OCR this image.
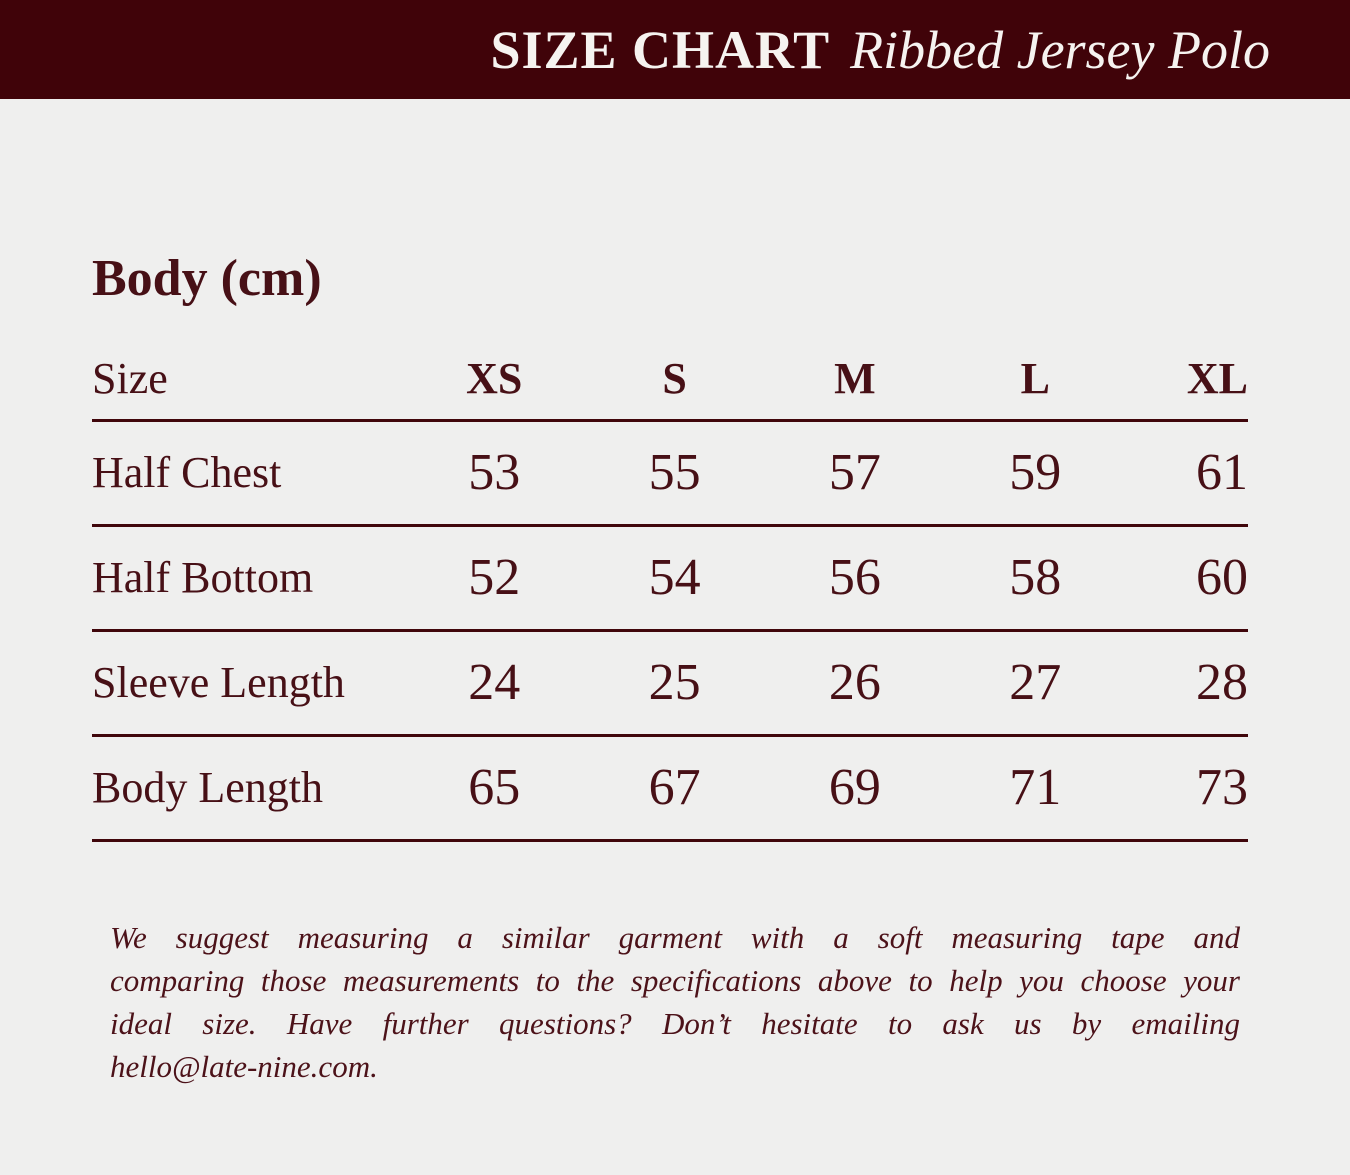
SIZE CHART Ribbed Jersey Polo
Body (cm)
Size	XS	S	M	L	XL
Half Chest	53	55	57	59	61
Half Bottom	52	54	56	58	60
Sleeve Length	24	25	26	27	28
Body Length	65	67	69	71	73
We suggest measuring a similar garment with a soft measuring tape and
comparing those measurements to the specifications above to help you choose your
ideal size. Have further questions? Don’t hesitate to ask us by emailing
hello@late-nine.com.
